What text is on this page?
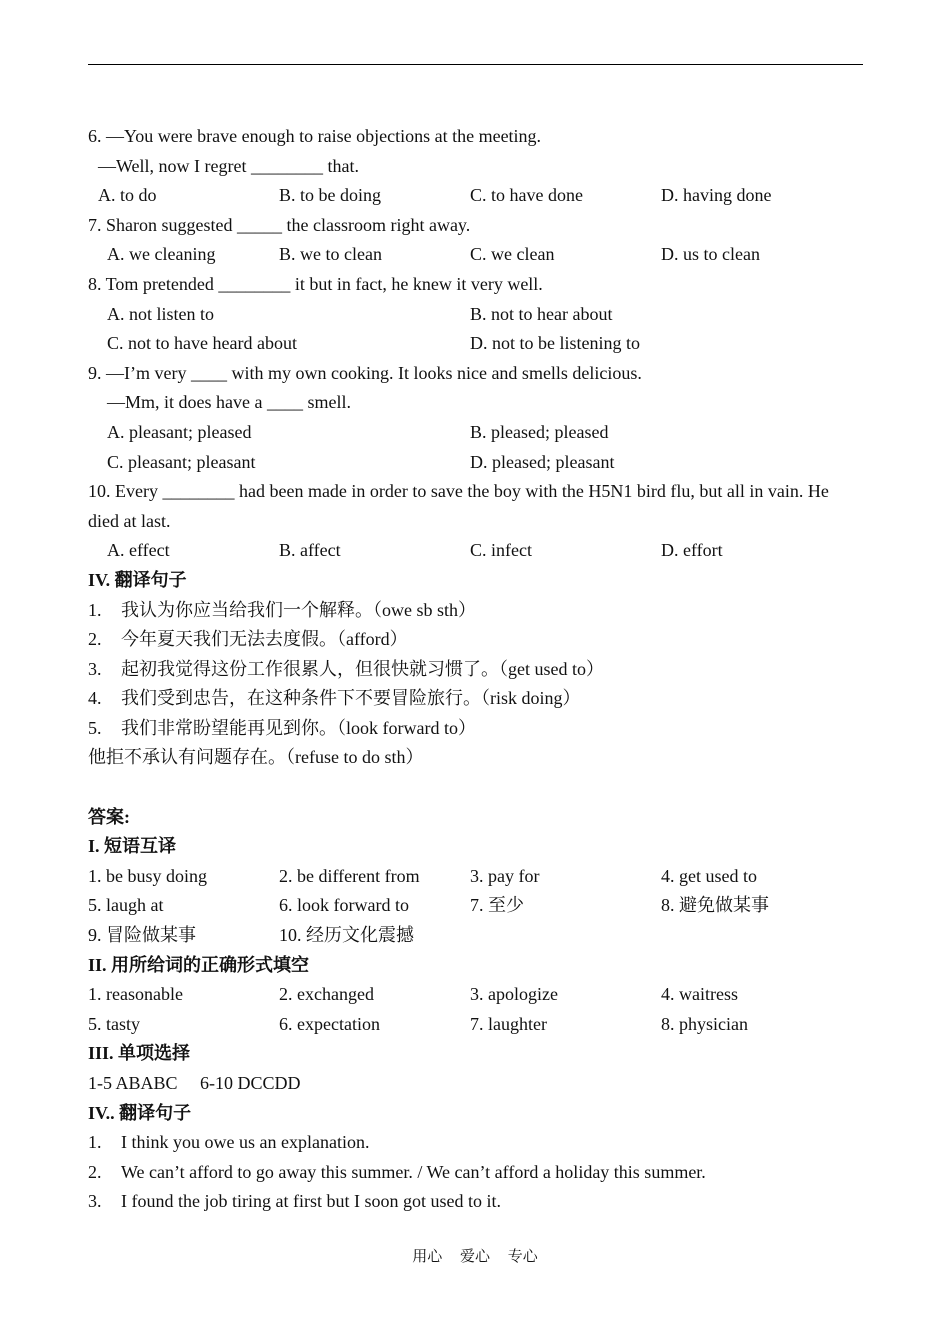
6. —You were brave enough to raise objections at the meeting.
—Well, now I regret ________ that.
A. to do	B. to be doing	C. to have done	D. having done
7. Sharon suggested _____ the classroom right away.
A. we cleaning	B. we to clean	C. we clean	D. us to clean
8. Tom pretended ________ it but in fact, he knew it very well.
A. not listen to	B. not to hear about
C. not to have heard about	D. not to be listening to
9. —I’m very ____ with my own cooking. It looks nice and smells delicious.
—Mm, it does have a ____ smell.
A. pleasant; pleased	B. pleased; pleased
C. pleasant; pleasant	D. pleased; pleasant
10. Every ________ had been made in order to save the boy with the H5N1 bird flu, but all in vain. He died at last.
A. effect	B. affect	C. infect	D. effort
IV. 翻译句子
1. 我认为你应当给我们一个解释。（owe sb sth）
2. 今年夏天我们无法去度假。（afford）
3. 起初我觉得这份工作很累人，但很快就习惯了。（get used to）
4. 我们受到忠告，在这种条件下不要冒险旅行。（risk doing）
5. 我们非常盼望能再见到你。（look forward to）
他拒不承认有问题存在。（refuse to do sth）
答案:
I. 短语互译
1. be busy doing	2. be different from	3. pay for	4. get used to
5. laugh at	6. look forward to	7. 至少	8. 避免做某事
9. 冒险做某事	10. 经历文化震撼
II. 用所给词的正确形式填空
1. reasonable	2. exchanged	3. apologize	4. waitress
5. tasty	6. expectation	7. laughter	8. physician
III. 单项选择
1-5 ABABC     6-10 DCCDD
IV.. 翻译句子
1. I think you owe us an explanation.
2. We can’t afford to go away this summer. / We can’t afford a holiday this summer.
3. I found the job tiring at first but I soon got used to it.
用心 爱心 专心
